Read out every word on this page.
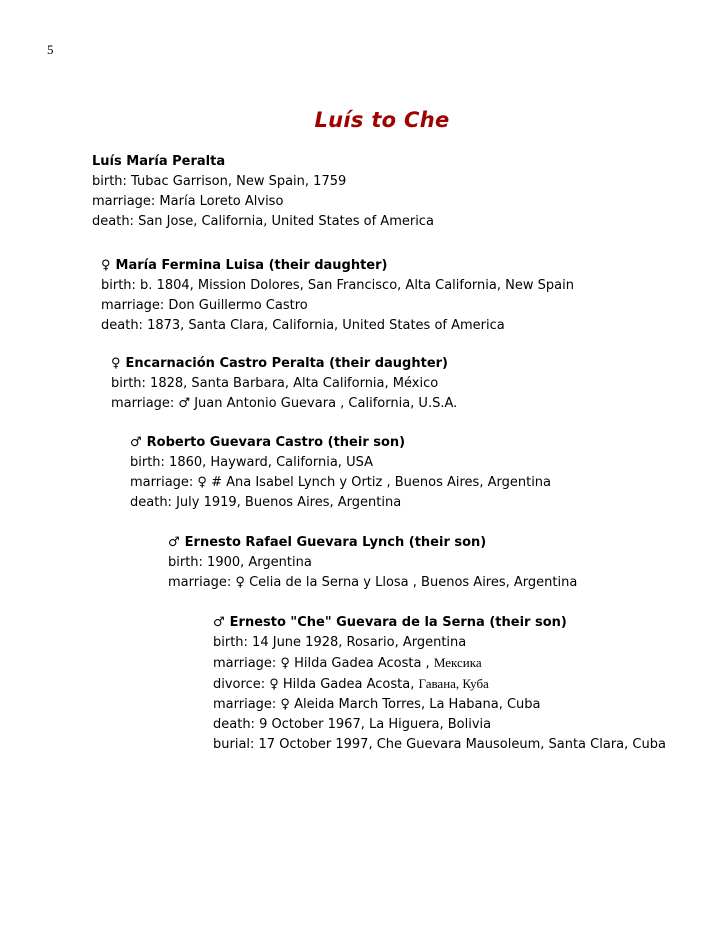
5
Luís to Che
Luís María Peralta
birth: Tubac Garrison, New Spain, 1759
marriage: María Loreto Alviso
death: San Jose, California, United States of America
♀ María Fermina Luisa (their daughter)
birth: b. 1804, Mission Dolores, San Francisco, Alta California, New Spain
marriage: Don Guillermo Castro
death: 1873, Santa Clara, California, United States of America
♀ Encarnación Castro Peralta (their daughter)
birth: 1828, Santa Barbara, Alta California, México
marriage: ♂ Juan Antonio Guevara , California, U.S.A.
♂ Roberto Guevara Castro (their son)
birth: 1860, Hayward, California, USA
marriage: ♀ # Ana Isabel Lynch y Ortiz , Buenos Aires, Argentina
death: July 1919, Buenos Aires, Argentina
♂ Ernesto Rafael Guevara Lynch (their son)
birth: 1900, Argentina
marriage: ♀ Celia de la Serna y Llosa , Buenos Aires, Argentina
♂ Ernesto "Che" Guevara de la Serna (their son)
birth: 14 June 1928, Rosario, Argentina
marriage: ♀ Hilda Gadea Acosta , Мексика
divorce: ♀ Hilda Gadea Acosta, Гавана, Куба
marriage: ♀ Aleida March Torres, La Habana, Cuba
death: 9 October 1967, La Higuera, Bolivia
burial: 17 October 1997, Che Guevara Mausoleum, Santa Clara, Cuba
